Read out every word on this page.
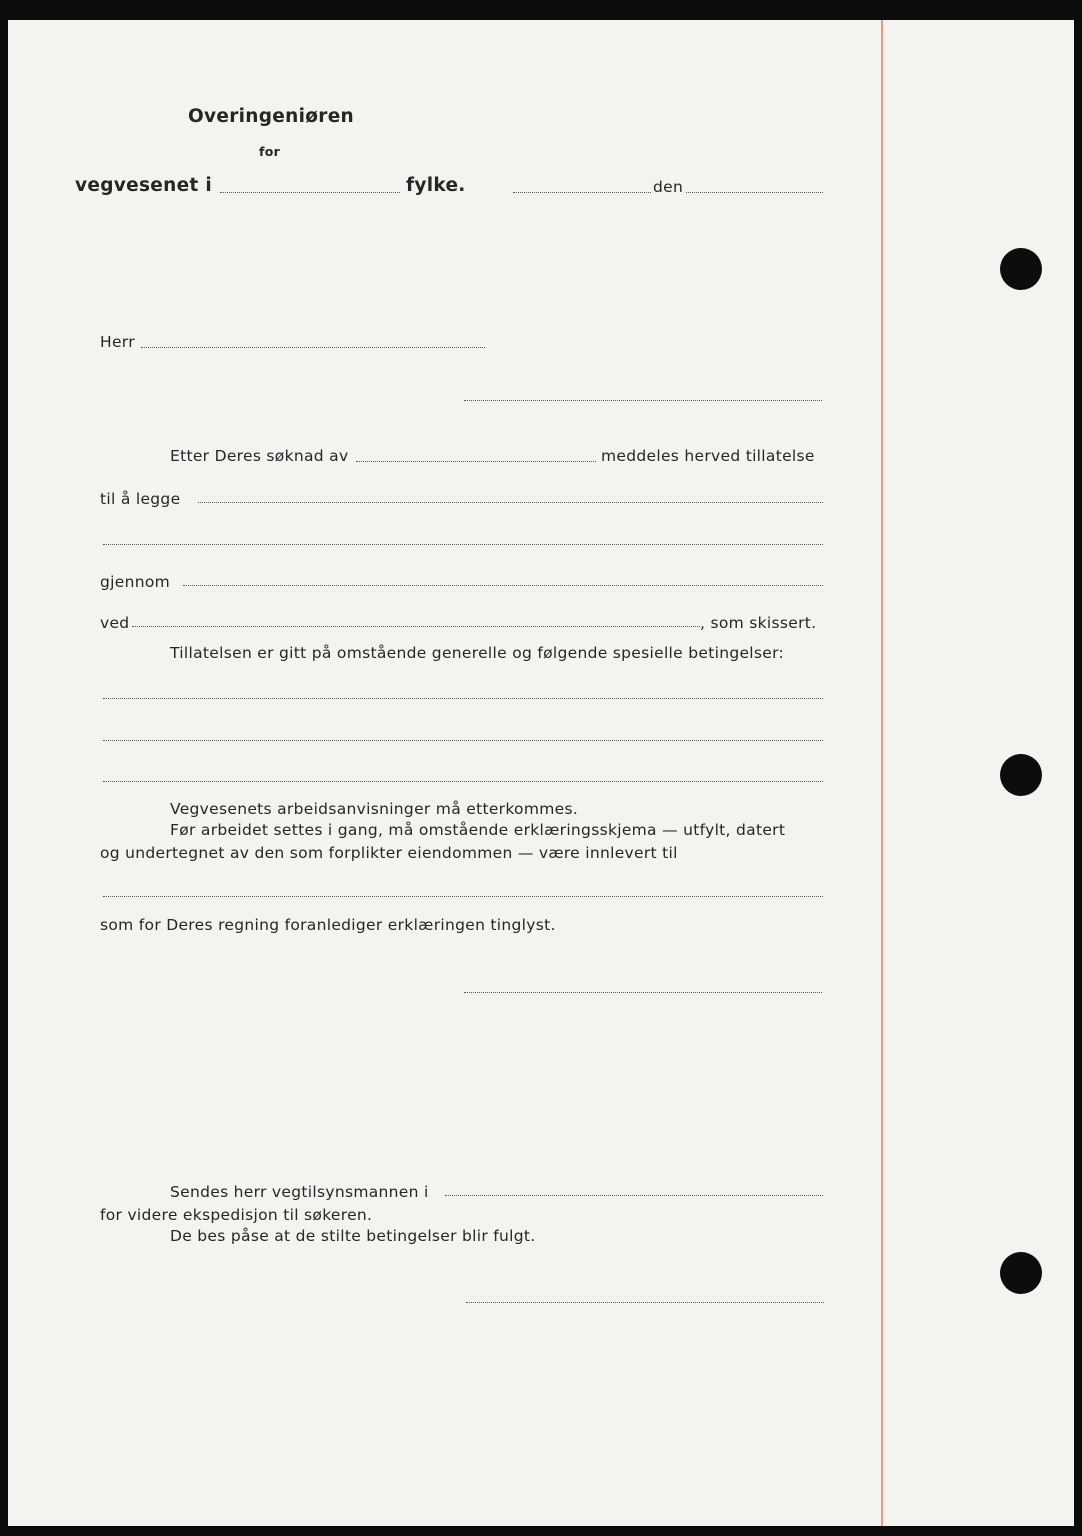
Overingeniøren
for
vegvesenet i	fylke.	den
Herr
Etter Deres søknad av	meddeles herved tillatelse
til å legge
gjennom
ved	, som skissert.
Tillatelsen er gitt på omstående generelle og følgende spesielle betingelser:
Vegvesenets arbeidsanvisninger må etterkommes.
Før arbeidet settes i gang, må omstående erklæringsskjema — utfylt, datert
og undertegnet av den som forplikter eiendommen — være innlevert til
som for Deres regning foranlediger erklæringen tinglyst.
Sendes herr vegtilsynsmannen i
for videre ekspedisjon til søkeren.
De bes påse at de stilte betingelser blir fulgt.
